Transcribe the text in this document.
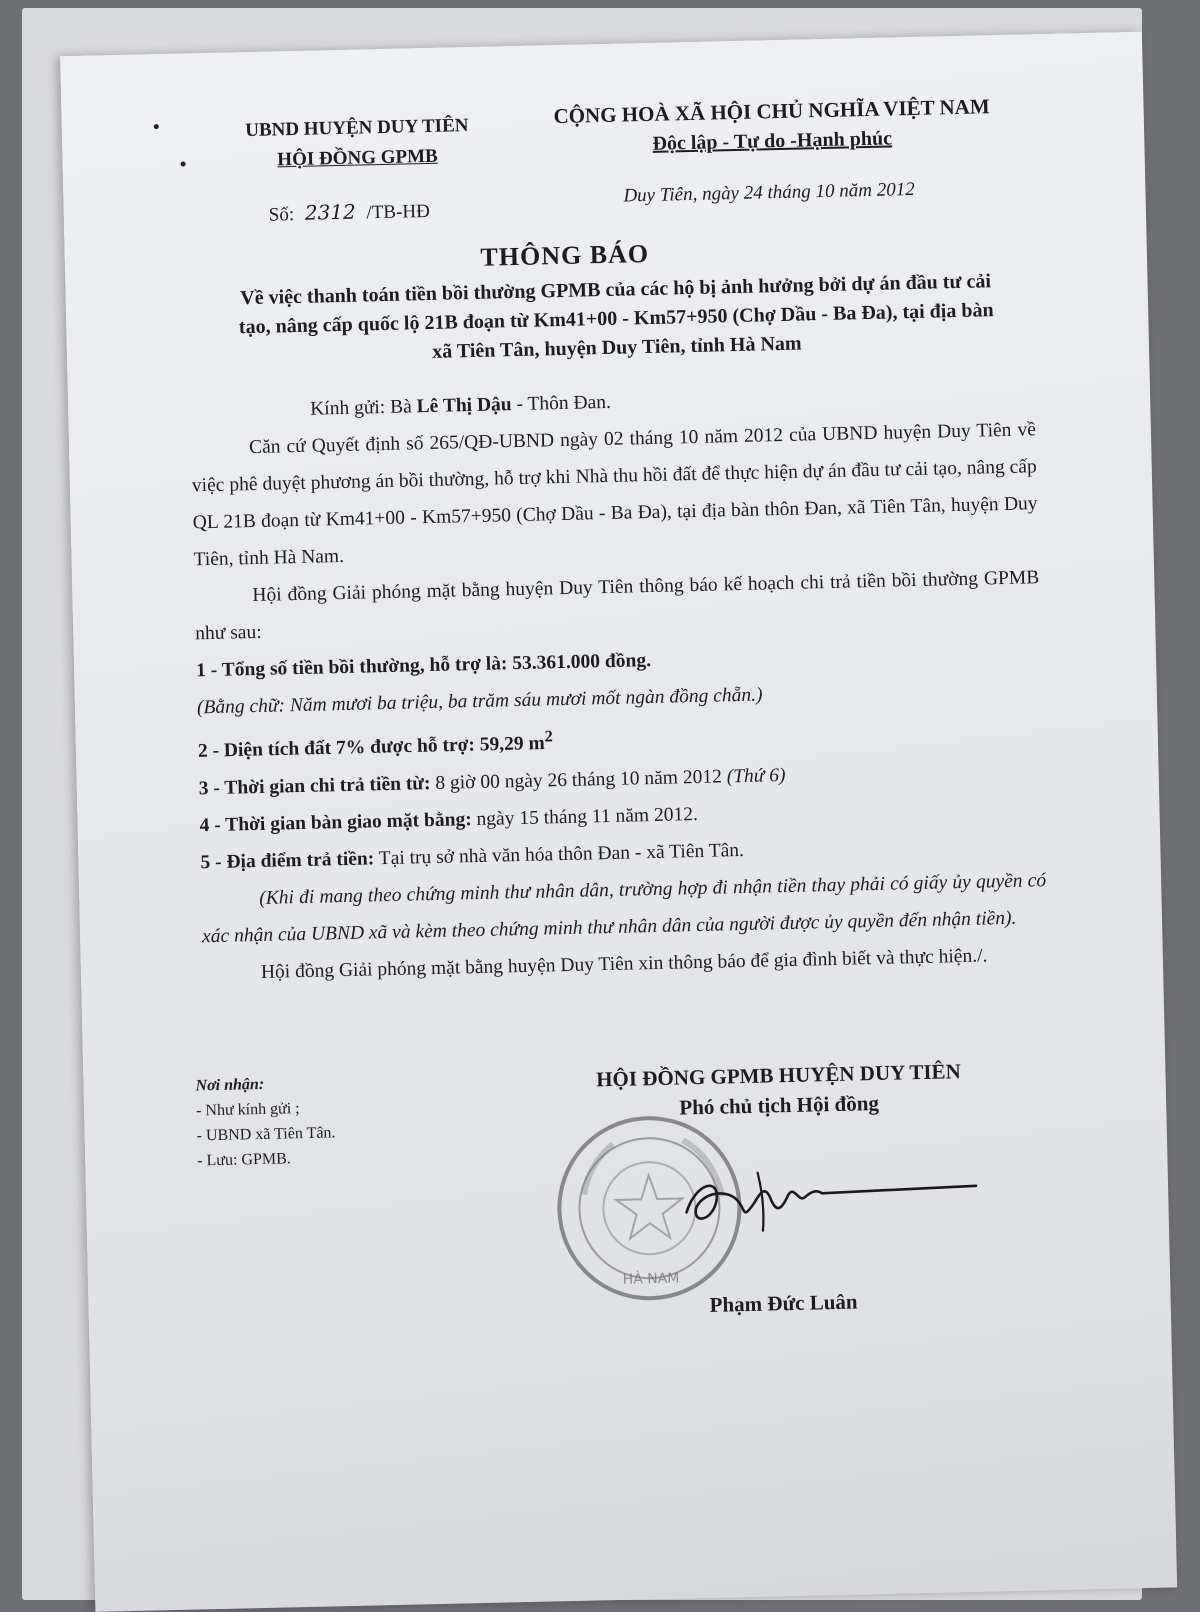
UBND HUYỆN DUY TIÊN
HỘI ĐỒNG GPMB
CỘNG HOÀ XÃ HỘI CHỦ NGHĨA VIỆT NAM
Độc lập - Tự do -Hạnh phúc
Số: 2312 /TB-HĐ
Duy Tiên, ngày 24 tháng 10 năm 2012
THÔNG BÁO
Về việc thanh toán tiền bồi thường GPMB của các hộ bị ảnh hưởng bởi dự án đầu tư cải tạo, nâng cấp quốc lộ 21B đoạn từ Km41+00 - Km57+950 (Chợ Dầu - Ba Đa), tại địa bàn xã Tiên Tân, huyện Duy Tiên, tỉnh Hà Nam

Kính gửi: Bà Lê Thị Dậu - Thôn Đan.

Căn cứ Quyết định số 265/QĐ-UBND ngày 02 tháng 10 năm 2012 của UBND huyện Duy Tiên về việc phê duyệt phương án bồi thường, hỗ trợ khi Nhà thu hồi đất để thực hiện dự án đầu tư cải tạo, nâng cấp QL 21B đoạn từ Km41+00 - Km57+950 (Chợ Dầu - Ba Đa), tại địa bàn thôn Đan, xã Tiên Tân, huyện Duy Tiên, tỉnh Hà Nam.

Hội đồng Giải phóng mặt bằng huyện Duy Tiên thông báo kế hoạch chi trả tiền bồi thường GPMB như sau:

1 - Tổng số tiền bồi thường, hỗ trợ là: 53.361.000 đồng.

(Bằng chữ: Năm mươi ba triệu, ba trăm sáu mươi mốt ngàn đồng chẵn.)

2 - Diện tích đất 7% được hỗ trợ: 59,29 $m^2$

3 - Thời gian chi trả tiền từ: 8 giờ 00 ngày 26 tháng 10 năm 2012 (Thứ 6)

4 - Thời gian bàn giao mặt bằng: ngày 15 tháng 11 năm 2012.

5 - Địa điểm trả tiền: Tại trụ sở nhà văn hóa thôn Đan - xã Tiên Tân.

(Khi đi mang theo chứng minh thư nhân dân, trường hợp đi nhận tiền thay phải có giấy ủy quyền có xác nhận của UBND xã và kèm theo chứng minh thư nhân dân của người được ủy quyền đến nhận tiền).

Hội đồng Giải phóng mặt bằng huyện Duy Tiên xin thông báo để gia đình biết và thực hiện./.

Nơi nhận:
- Như kính gửi ;
- UBND xã Tiên Tân.
- Lưu: GPMB.
HỘI ĐỒNG GPMB HUYỆN DUY TIÊN
Phó chủ tịch Hội đồng
Phạm Đức Luân
HÀ NAM
